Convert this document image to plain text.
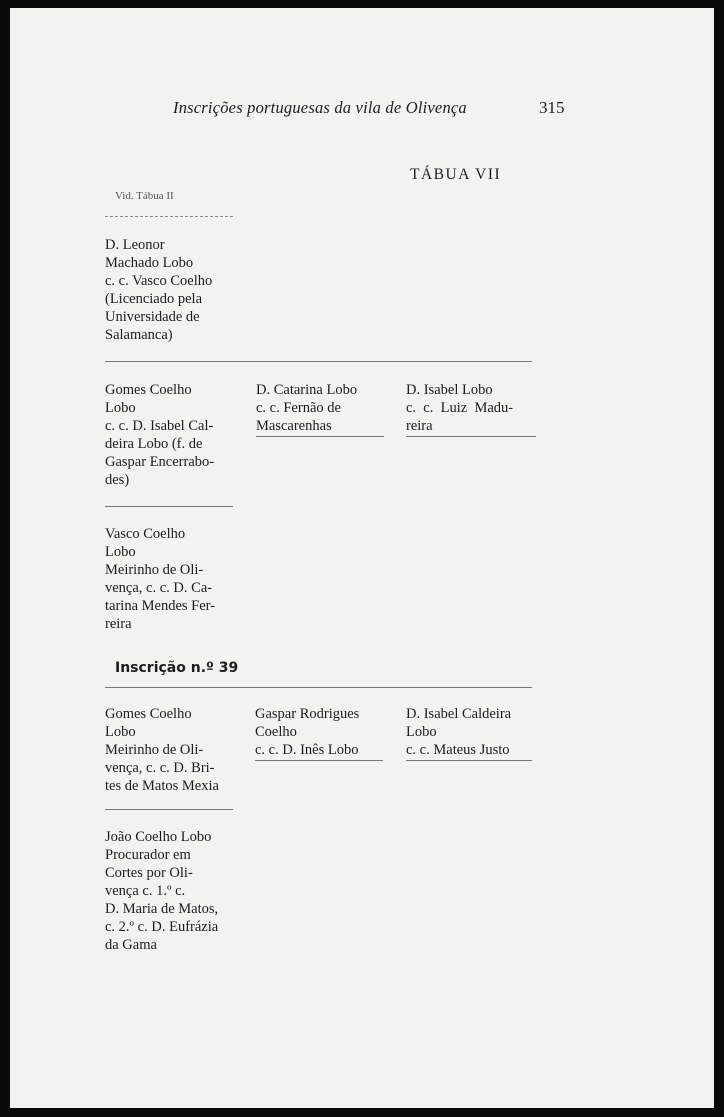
Inscrições portuguesas da vila de Olivença	315

TÁBUA VII

Vid. Tábua II

D. Leonor
Machado Lobo
c. c. Vasco Coelho
(Licenciado pela
Universidade de
Salamanca)

Gomes Coelho
Lobo
c. c. D. Isabel Cal-
deira Lobo (f. de
Gaspar Encerrabo-
des)

D. Catarina Lobo
c. c. Fernão de
Mascarenhas

D. Isabel Lobo
c.  c.  Luiz  Madu-
reira

Vasco Coelho
Lobo
Meirinho de Oli-
vença, c. c. D. Ca-
tarina Mendes Fer-
reira

Inscrição n.º 39

Gomes Coelho
Lobo
Meirinho de Oli-
vença, c. c. D. Bri-
tes de Matos Mexia

Gaspar Rodrigues
Coelho
c. c. D. Inês Lobo

D. Isabel Caldeira
Lobo
c. c. Mateus Justo

João Coelho Lobo
Procurador em
Cortes por Oli-
vença c. 1.º c.
D. Maria de Matos,
c. 2.º c. D. Eufrázia
da Gama
